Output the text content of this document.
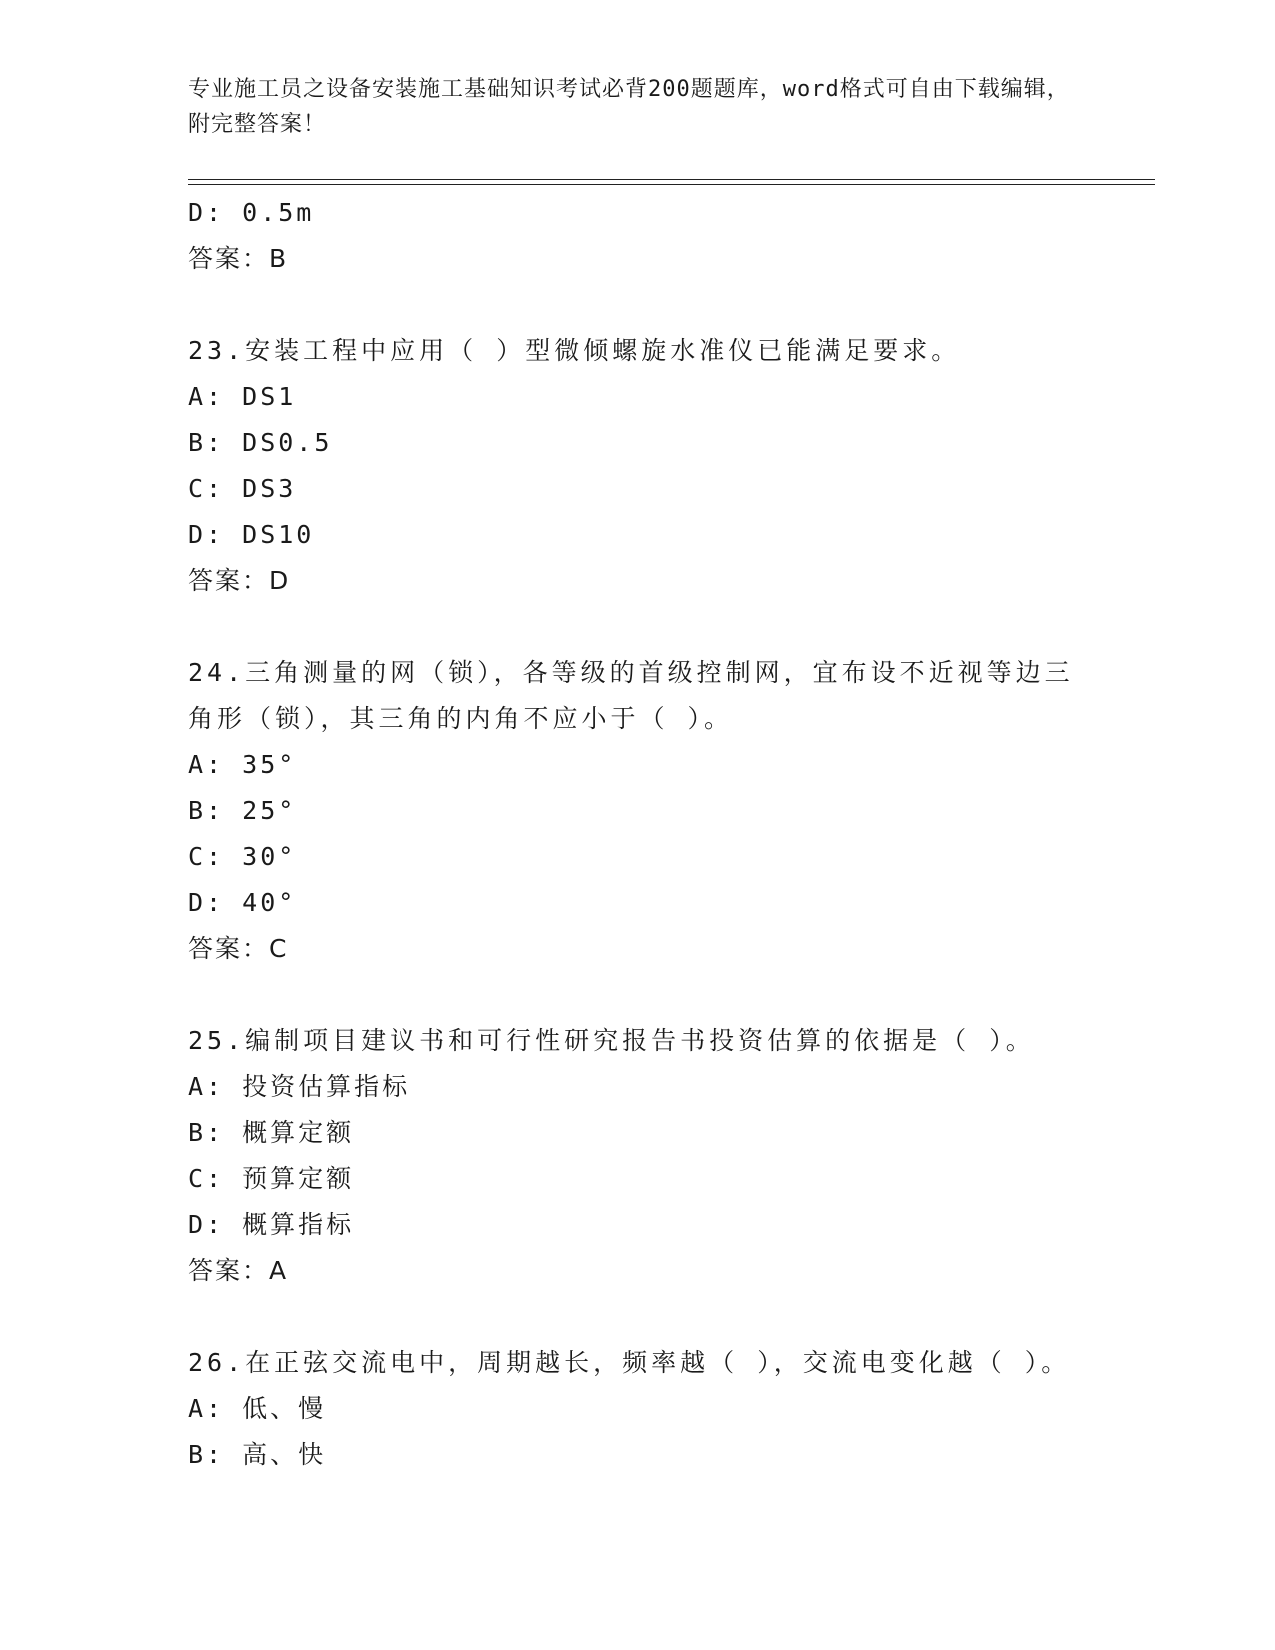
专业施工员之设备安装施工基础知识考试必背200题题库，word格式可自由下载编辑，附完整答案！
D: 0.5m
答案：B
23.安装工程中应用（ ）型微倾螺旋水准仪已能满足要求。
A: DS1
B: DS0.5
C: DS3
D: DS10
答案：D
24.三角测量的网（锁），各等级的首级控制网，宜布设不近视等边三角形（锁），其三角的内角不应小于（ ）。
A: 35°
B: 25°
C: 30°
D: 40°
答案：C
25.编制项目建议书和可行性研究报告书投资估算的依据是（ ）。
A: 投资估算指标
B: 概算定额
C: 预算定额
D: 概算指标
答案：A
26.在正弦交流电中，周期越长，频率越（ ），交流电变化越（ ）。
A: 低、慢
B: 高、快
